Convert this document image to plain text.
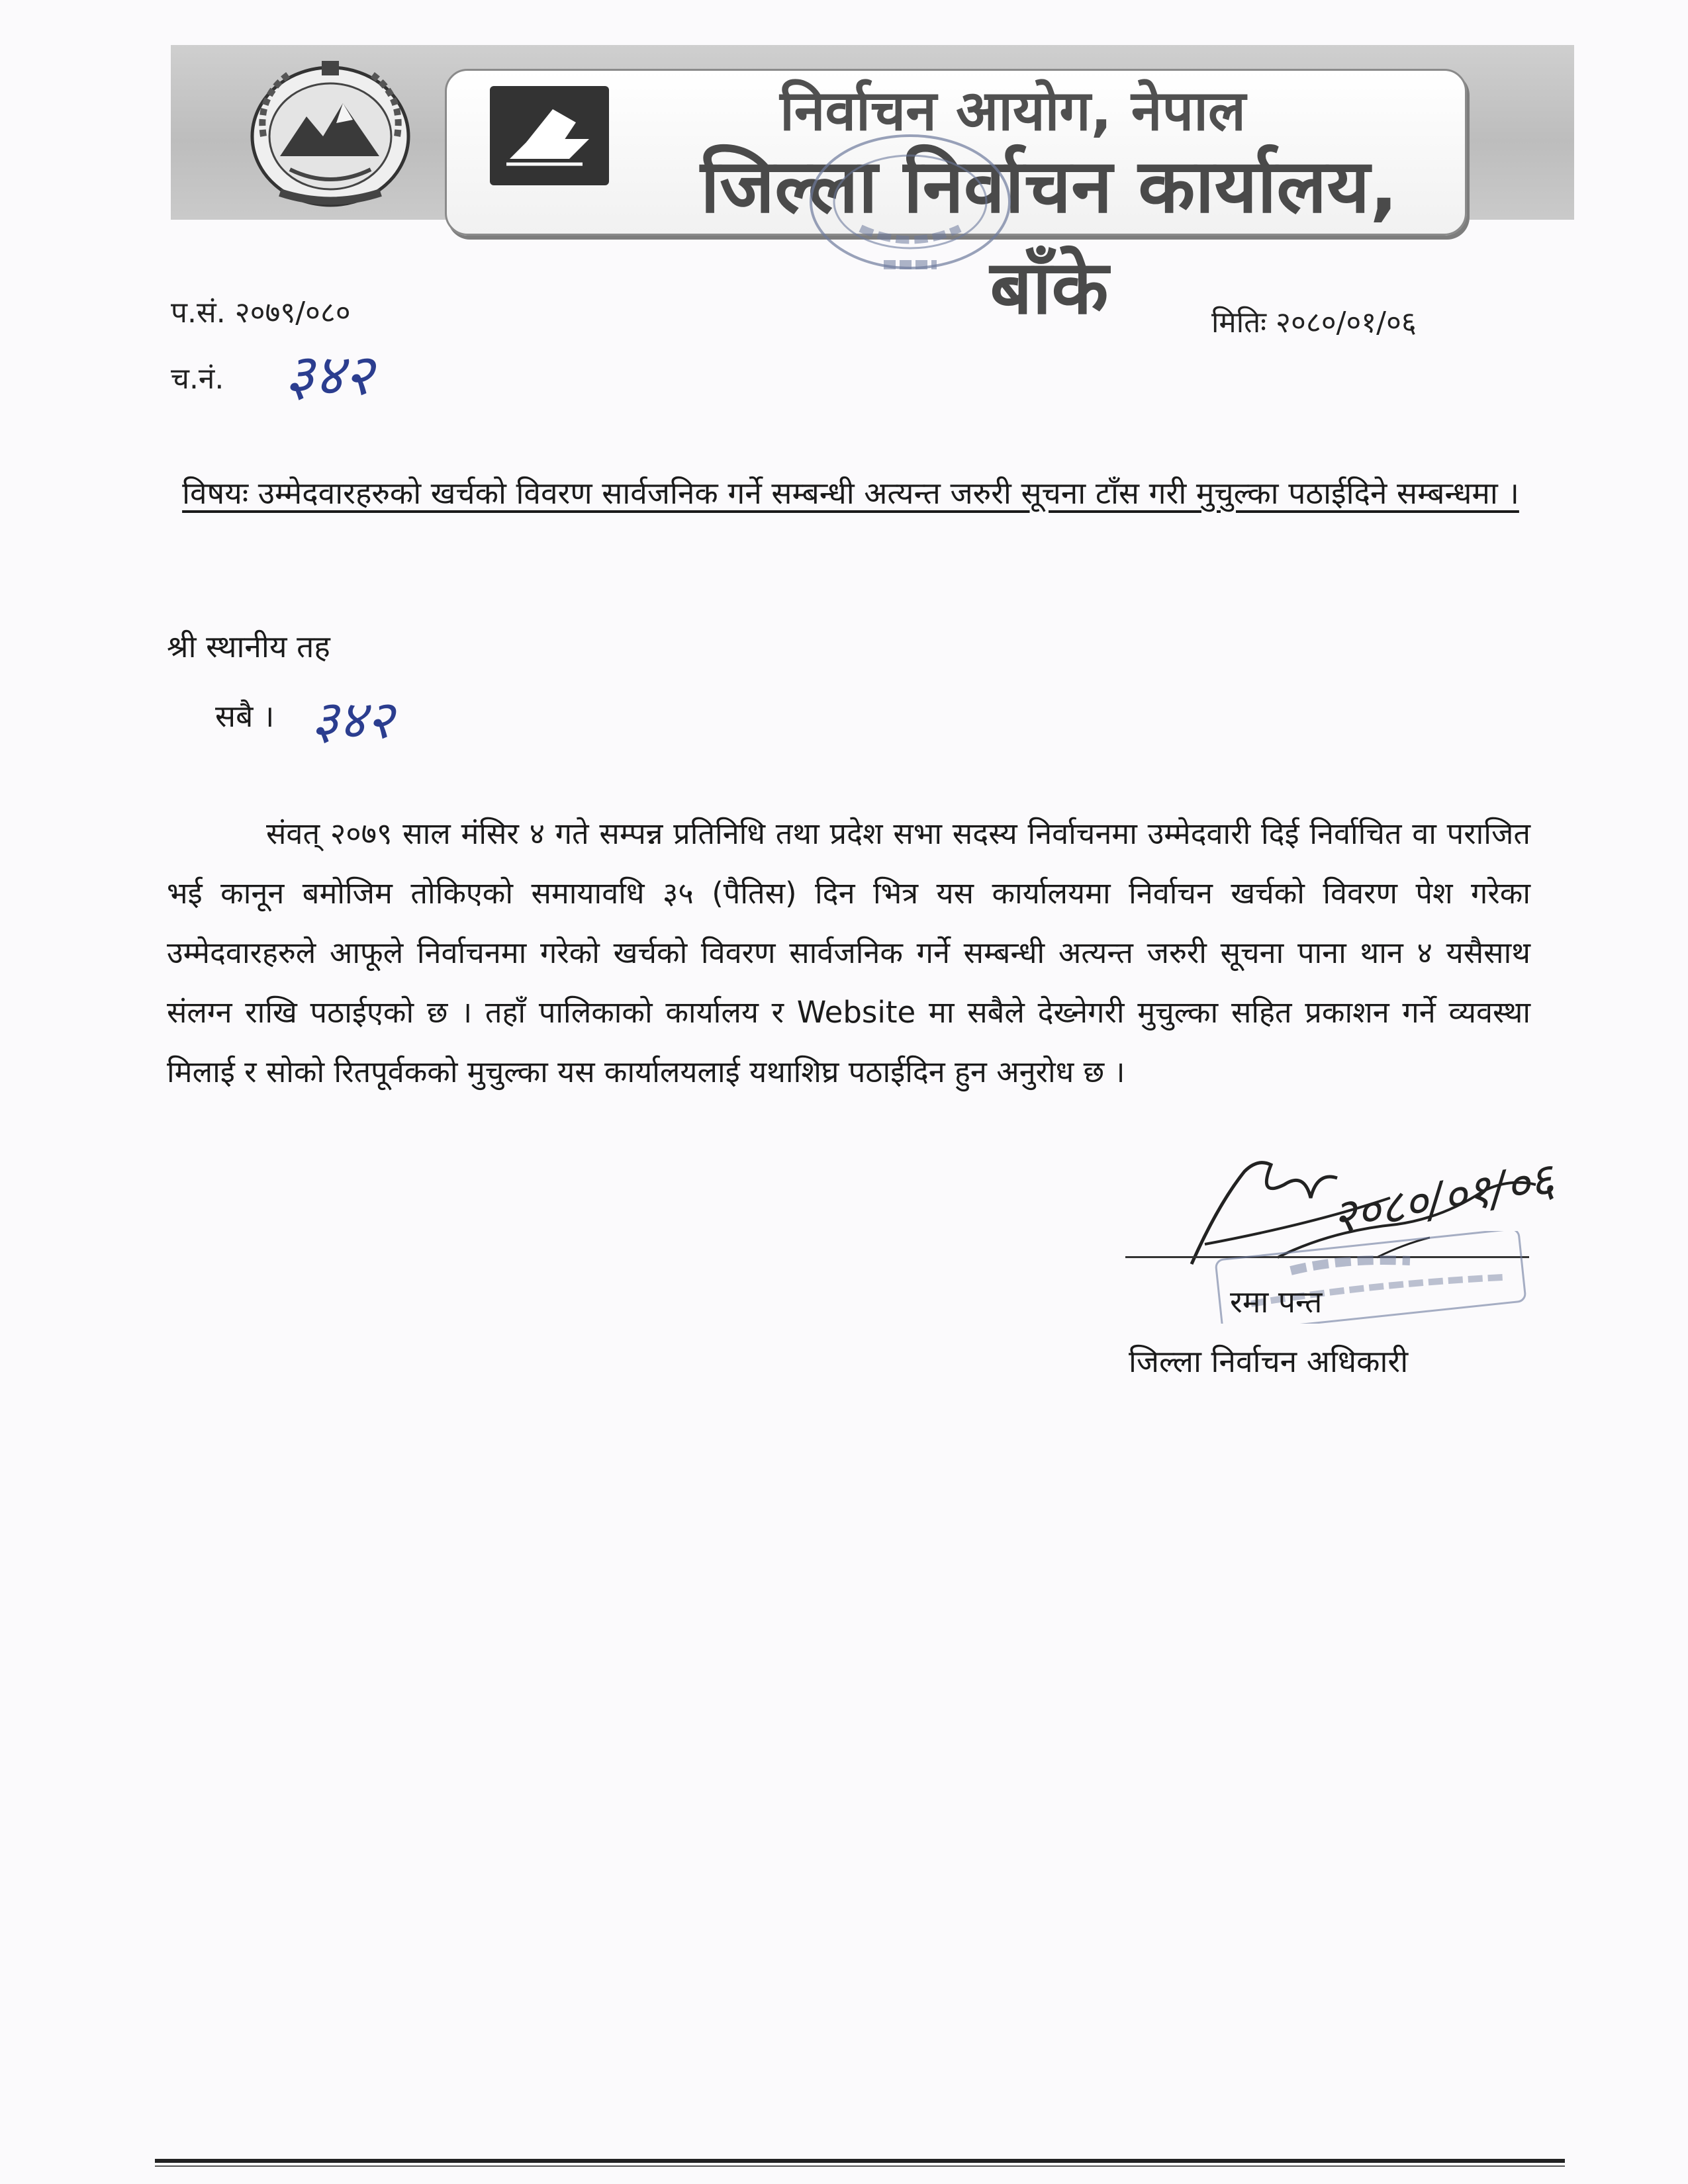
निर्वाचन आयोग, नेपाल
जिल्ला निर्वाचन कार्यालय, बाँके
प.सं. २०७९/०८०	मितिः २०८०/०१/०६
च.नं. ३४२
विषयः उम्मेदवारहरुको खर्चको विवरण सार्वजनिक गर्ने सम्बन्धी अत्यन्त जरुरी सूचना टाँस गरी मुचुल्का पठाईदिने सम्बन्धमा ।
श्री स्थानीय तह
सबै । ३४२
संवत् २०७९ साल मंसिर ४ गते सम्पन्न प्रतिनिधि तथा प्रदेश सभा सदस्य निर्वाचनमा उम्मेदवारी दिई निर्वाचित वा पराजित भई कानून बमोजिम तोकिएको समायावधि ३५ (पैतिस) दिन भित्र यस कार्यालयमा निर्वाचन खर्चको विवरण पेश गरेका उम्मेदवारहरुले आफूले निर्वाचनमा गरेको खर्चको विवरण सार्वजनिक गर्ने सम्बन्धी अत्यन्त जरुरी सूचना पाना थान ४ यसैसाथ संलग्न राखि पठाईएको छ । तहाँ पालिकाको कार्यालय र Website मा सबैले देख्नेगरी मुचुल्का सहित प्रकाशन गर्ने व्यवस्था मिलाई र सोको रितपूर्वकको मुचुल्का यस कार्यालयलाई यथाशिघ्र पठाईदिन हुन अनुरोध छ ।
२०८०/०१/०६
रमा पन्त
जिल्ला निर्वाचन अधिकारी
